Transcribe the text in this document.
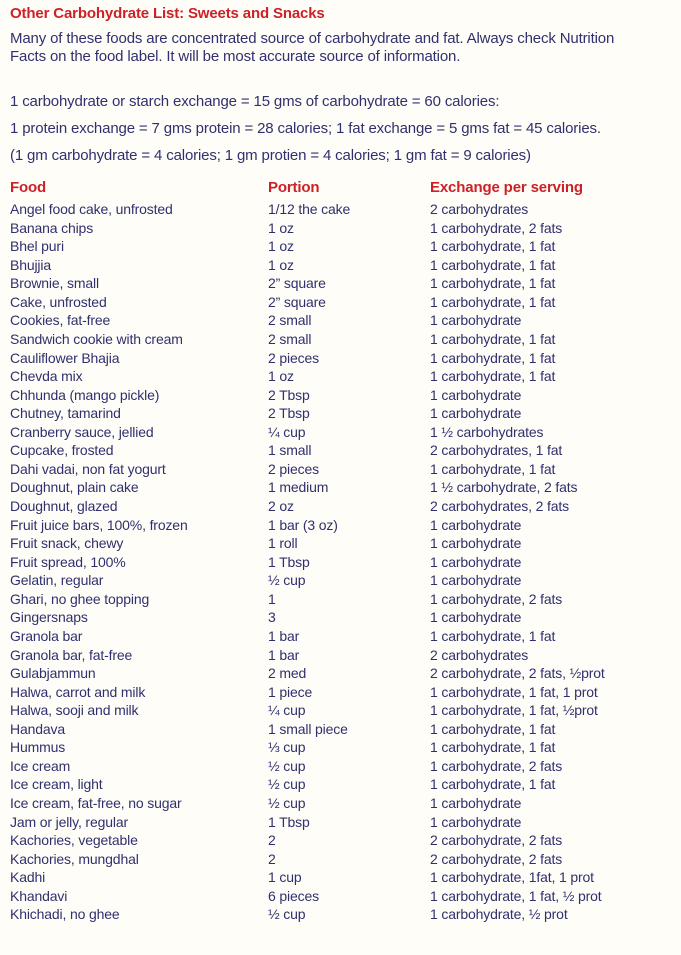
Other Carbohydrate List: Sweets and Snacks
Many of these foods are concentrated source of carbohydrate and fat. Always check Nutrition
Facts on the food label. It will be most accurate source of information.

1 carbohydrate or starch exchange = 15 gms of carbohydrate = 60 calories:

1 protein exchange = 7 gms protein = 28 calories; 1 fat exchange = 5 gms fat = 45 calories.

(1 gm carbohydrate = 4 calories; 1 gm protien = 4 calories; 1 gm fat = 9 calories)

Food	Portion	Exchange per serving
Angel food cake, unfrosted	1/12 the cake	2 carbohydrates
Banana chips	1 oz	1 carbohydrate, 2 fats
Bhel puri	1 oz	1 carbohydrate, 1 fat
Bhujjia	1 oz	1 carbohydrate, 1 fat
Brownie, small	2” square	1 carbohydrate, 1 fat
Cake, unfrosted	2” square	1 carbohydrate, 1 fat
Cookies, fat-free	2 small	1 carbohydrate
Sandwich cookie with cream	2 small	1 carbohydrate, 1 fat
Cauliflower Bhajia	2 pieces	1 carbohydrate, 1 fat
Chevda mix	1 oz	1 carbohydrate, 1 fat
Chhunda (mango pickle)	2 Tbsp	1 carbohydrate
Chutney, tamarind	2 Tbsp	1 carbohydrate
Cranberry sauce, jellied	¼ cup	1 ½ carbohydrates
Cupcake, frosted	1 small	2 carbohydrates, 1 fat
Dahi vadai, non fat yogurt	2 pieces	1 carbohydrate, 1 fat
Doughnut, plain cake	1 medium	1 ½ carbohydrate, 2 fats
Doughnut, glazed	2 oz	2 carbohydrates, 2 fats
Fruit juice bars, 100%, frozen	1 bar (3 oz)	1 carbohydrate
Fruit snack, chewy	1 roll	1 carbohydrate
Fruit spread, 100%	1 Tbsp	1 carbohydrate
Gelatin, regular	½ cup	1 carbohydrate
Ghari, no ghee topping	1	1 carbohydrate, 2 fats
Gingersnaps	3	1 carbohydrate
Granola bar	1 bar	1 carbohydrate, 1 fat
Granola bar, fat-free	1 bar	2 carbohydrates
Gulabjammun	2 med	2 carbohydrate, 2 fats, ½prot
Halwa, carrot and milk	1 piece	1 carbohydrate, 1 fat, 1 prot
Halwa, sooji and milk	¼ cup	1 carbohydrate, 1 fat, ½prot
Handava	1 small piece	1 carbohydrate, 1 fat
Hummus	⅓ cup	1 carbohydrate, 1 fat
Ice cream	½ cup	1 carbohydrate, 2 fats
Ice cream, light	½ cup	1 carbohydrate, 1 fat
Ice cream, fat-free, no sugar	½ cup	1 carbohydrate
Jam or jelly, regular	1 Tbsp	1 carbohydrate
Kachories, vegetable	2	2 carbohydrate, 2 fats
Kachories, mungdhal	2	2 carbohydrate, 2 fats
Kadhi	1 cup	1 carbohydrate, 1fat, 1 prot
Khandavi	6 pieces	1 carbohydrate, 1 fat, ½ prot
Khichadi, no ghee	½ cup	1 carbohydrate, ½ prot
